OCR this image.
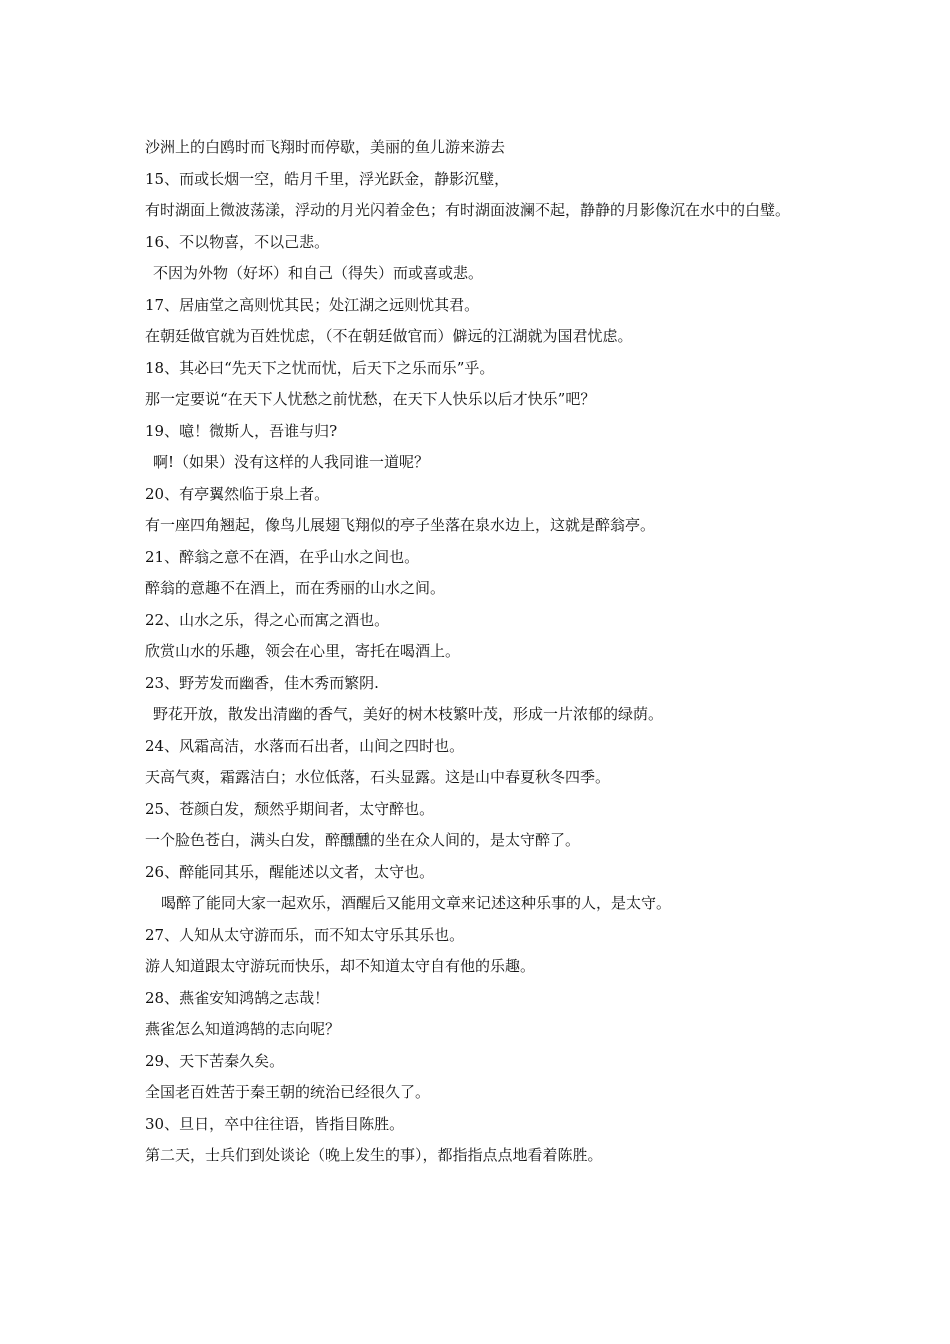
沙洲上的白鸥时而飞翔时而停歇，美丽的鱼儿游来游去

15、而或长烟一空，皓月千里，浮光跃金，静影沉璧，

有时湖面上微波荡漾，浮动的月光闪着金色；有时湖面波澜不起，静静的月影像沉在水中的白璧。

16、不以物喜，不以己悲。

不因为外物（好坏）和自己（得失）而或喜或悲。

17、居庙堂之高则忧其民；处江湖之远则忧其君。

在朝廷做官就为百姓忧虑，（不在朝廷做官而）僻远的江湖就为国君忧虑。

18、其必曰“先天下之忧而忧，后天下之乐而乐”乎。

那一定要说“在天下人忧愁之前忧愁，在天下人快乐以后才快乐”吧？

19、噫！微斯人，吾谁与归?

啊!（如果）没有这样的人我同谁一道呢？

20、有亭翼然临于泉上者。

有一座四角翘起，像鸟儿展翅飞翔似的亭子坐落在泉水边上，这就是醉翁亭。

21、醉翁之意不在酒，在乎山水之间也。

醉翁的意趣不在酒上，而在秀丽的山水之间。

22、山水之乐，得之心而寓之酒也。

欣赏山水的乐趣，领会在心里，寄托在喝酒上。

23、野芳发而幽香，佳木秀而繁阴.

野花开放，散发出清幽的香气，美好的树木枝繁叶茂，形成一片浓郁的绿荫。

24、风霜高洁，水落而石出者，山间之四时也。

天高气爽，霜露洁白；水位低落，石头显露。这是山中春夏秋冬四季。

25、苍颜白发，颓然乎期间者，太守醉也。

一个脸色苍白，满头白发，醉醺醺的坐在众人间的，是太守醉了。

26、醉能同其乐，醒能述以文者，太守也。

喝醉了能同大家一起欢乐，酒醒后又能用文章来记述这种乐事的人，是太守。

27、人知从太守游而乐，而不知太守乐其乐也。

游人知道跟太守游玩而快乐，却不知道太守自有他的乐趣。

28、燕雀安知鸿鹄之志哉！

燕雀怎么知道鸿鹄的志向呢？

29、天下苦秦久矣。

全国老百姓苦于秦王朝的统治已经很久了。

30、旦日，卒中往往语，皆指目陈胜。

第二天，士兵们到处谈论（晚上发生的事），都指指点点地看着陈胜。
